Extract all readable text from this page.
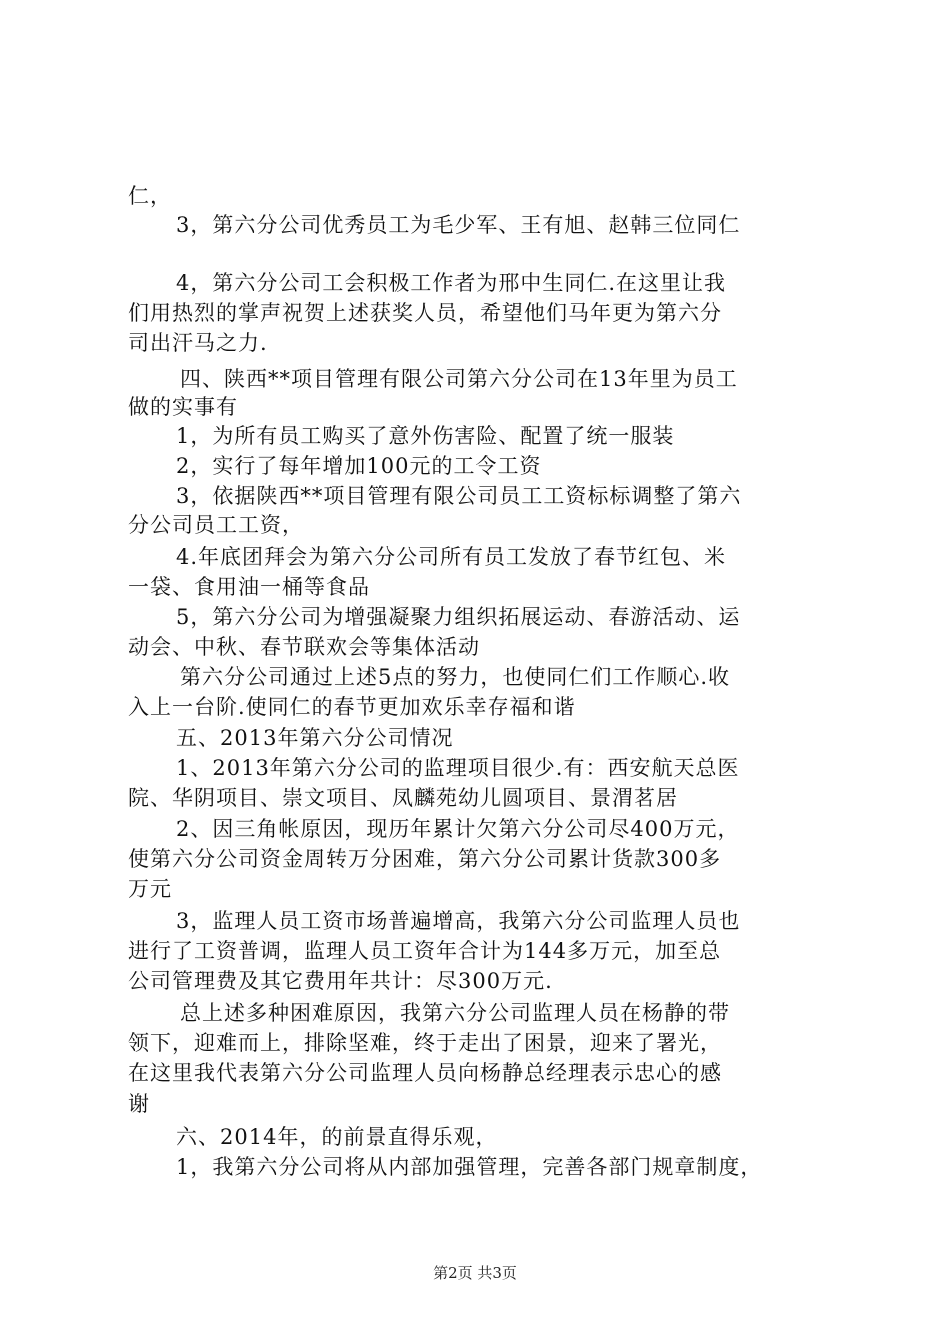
仁，
3，第六分公司优秀员工为毛少军、王有旭、赵韩三位同仁
4，第六分公司工会积极工作者为邢中生同仁.在这里让我
们用热烈的掌声祝贺上述获奖人员，希望他们马年更为第六分
司出汗马之力.
四、陕西**项目管理有限公司第六分公司在13年里为员工
做的实事有
1，为所有员工购买了意外伤害险、配置了统一服装
2，实行了每年增加100元的工令工资
3，依据陕西**项目管理有限公司员工工资标标调整了第六
分公司员工工资，
4.年底团拜会为第六分公司所有员工发放了春节红包、米
一袋、食用油一桶等食品
5，第六分公司为增强凝聚力组织拓展运动、春游活动、运
动会、中秋、春节联欢会等集体活动
第六分公司通过上述5点的努力，也使同仁们工作顺心.收
入上一台阶.使同仁的春节更加欢乐幸存福和谐
五、2013年第六分公司情况
1、2013年第六分公司的监理项目很少.有：西安航天总医
院、华阴项目、崇文项目、凤麟苑幼儿圆项目、景渭茗居
2、因三角帐原因，现历年累计欠第六分公司尽400万元，
使第六分公司资金周转万分困难，第六分公司累计货款300多
万元
3，监理人员工资市场普遍增高，我第六分公司监理人员也
进行了工资普调，监理人员工资年合计为144多万元，加至总
公司管理费及其它费用年共计：尽300万元.
总上述多种困难原因，我第六分公司监理人员在杨静的带
领下，迎难而上，排除坚难，终于走出了困景，迎来了署光，
在这里我代表第六分公司监理人员向杨静总经理表示忠心的感
谢
六、2014年，的前景直得乐观，
1，我第六分公司将从内部加强管理，完善各部门规章制度，
第2页 共3页
